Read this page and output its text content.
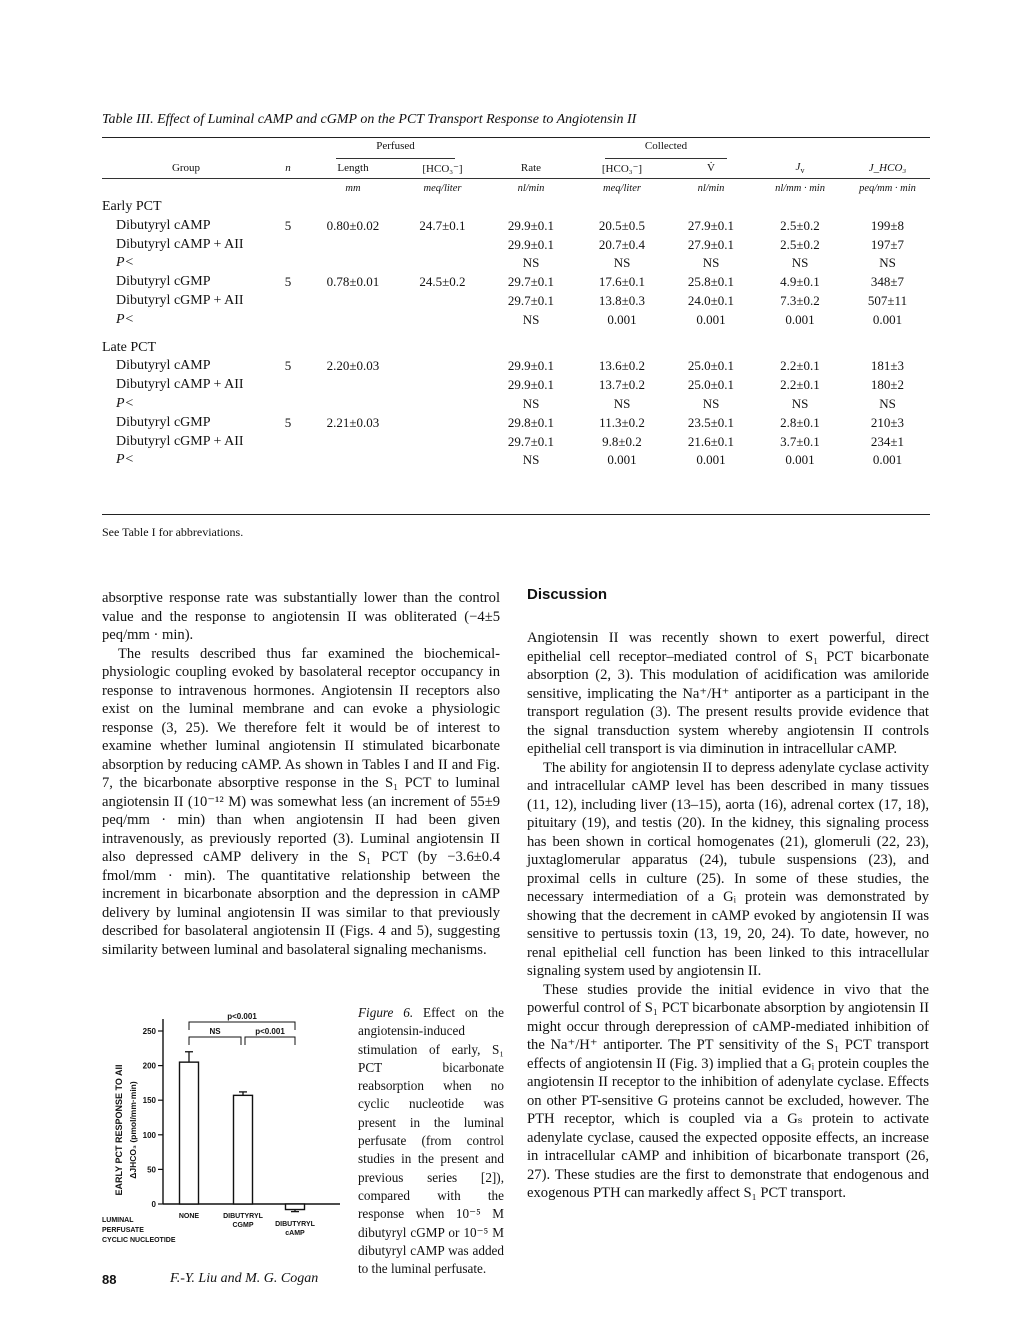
Table III. Effect of Luminal cAMP and cGMP on the PCT Transport Response to Angiotensin II
		Perfused			Collected			
Group	n	Length	[HCO₃⁻]	Rate	[HCO₃⁻]	V̇	$J_v$	J_HCO₃
		mm	meq/liter	nl/min	meq/liter	nl/min	nl/mm · min	peq/mm · min
Early PCT								
Dibutyryl cAMP	5	0.80±0.02	24.7±0.1	29.9±0.1	20.5±0.5	27.9±0.1	2.5±0.2	199±8
Dibutyryl cAMP + AII				29.9±0.1	20.7±0.4	27.9±0.1	2.5±0.2	197±7
P<				NS	NS	NS	NS	NS
Dibutyryl cGMP	5	0.78±0.01	24.5±0.2	29.7±0.1	17.6±0.1	25.8±0.1	4.9±0.1	348±7
Dibutyryl cGMP + AII				29.7±0.1	13.8±0.3	24.0±0.1	7.3±0.2	507±11
P<				NS	0.001	0.001	0.001	0.001

Late PCT								
Dibutyryl cAMP	5	2.20±0.03		29.9±0.1	13.6±0.2	25.0±0.1	2.2±0.1	181±3
Dibutyryl cAMP + AII				29.9±0.1	13.7±0.2	25.0±0.1	2.2±0.1	180±2
P<				NS	NS	NS	NS	NS
Dibutyryl cGMP	5	2.21±0.03		29.8±0.1	11.3±0.2	23.5±0.1	2.8±0.1	210±3
Dibutyryl cGMP + AII				29.7±0.1	9.8±0.2	21.6±0.1	3.7±0.1	234±1
P<				NS	0.001	0.001	0.001	0.001
See Table I for abbreviations.

absorptive response rate was substantially lower than the control value and the response to angiotensin II was obliterated (−4±5 peq/mm · min).

The results described thus far examined the biochemical-physiologic coupling evoked by basolateral receptor occupancy in response to intravenous hormones. Angiotensin II receptors also exist on the luminal membrane and can evoke a physiologic response (3, 25). We therefore felt it would be of interest to examine whether luminal angiotensin II stimulated bicarbonate absorption by reducing cAMP. As shown in Tables I and II and Fig. 7, the bicarbonate absorptive response in the S₁ PCT to luminal angiotensin II (10⁻¹² M) was somewhat less (an increment of 55±9 peq/mm · min) than when angiotensin II had been given intravenously, as previously reported (3). Luminal angiotensin II also depressed cAMP delivery in the S₁ PCT (by −3.6±0.4 fmol/mm · min). The quantitative relationship between the increment in bicarbonate absorption and the depression in cAMP delivery by luminal angiotensin II was similar to that previously described for basolateral angiotensin II (Figs. 4 and 5), suggesting similarity between luminal and basolateral signaling mechanisms.

Discussion

Angiotensin II was recently shown to exert powerful, direct epithelial cell receptor–mediated control of S₁ PCT bicarbonate absorption (2, 3). This modulation of acidification was amiloride sensitive, implicating the Na⁺/H⁺ antiporter as a participant in the transport regulation (3). The present results provide evidence that the signal transduction system whereby angiotensin II controls epithelial cell transport is via diminution in intracellular cAMP.

The ability for angiotensin II to depress adenylate cyclase activity and intracellular cAMP level has been described in many tissues (11, 12), including liver (13–15), aorta (16), adrenal cortex (17, 18), pituitary (19), and testis (20). In the kidney, this signaling process has been shown in cortical homogenates (21), glomeruli (22, 23), juxtaglomerular apparatus (24), tubule suspensions (23), and proximal cells in culture (25). In some of these studies, the necessary intermediation of a Gᵢ protein was demonstrated by showing that the decrement in cAMP evoked by angiotensin II was sensitive to pertussis toxin (13, 19, 20, 24). To date, however, no renal epithelial cell function has been linked to this intracellular signaling system used by angiotensin II.

These studies provide the initial evidence in vivo that the powerful control of S₁ PCT bicarbonate absorption by angiotensin II might occur through derepression of cAMP-mediated inhibition of the Na⁺/H⁺ antiporter. The PT sensitivity of the S₁ PCT transport effects of angiotensin II (Fig. 3) implied that a Gᵢ protein couples the angiotensin II receptor to the inhibition of adenylate cyclase. Effects on other PT-sensitive G proteins cannot be excluded, however. The PTH receptor, which is coupled via a Gₛ protein to activate adenylate cyclase, caused the expected opposite effects, an increase in intracellular cAMP and inhibition of bicarbonate transport (26, 27). These studies are the first to demonstrate that endogenous and exogenous PTH can markedly affect S₁ PCT transport.

0
50
100
150
200
250
EARLY PCT RESPONSE TO AII ΔJHCO₃ (pmol/mm·min)
NONE	DIBUTYRYL
CGMP	DIBUTYRYL
cAMP
LUMINAL
PERFUSATE
CYCLIC NUCLEOTIDE
p<0.001
NS	p<0.001
Figure 6. Effect on the angiotensin-induced stimulation of early, S₁ PCT bicarbonate reabsorption when no cyclic nucleotide was present in the luminal perfusate (from control studies in the present and previous series [2]), compared with the response when 10⁻⁵ M dibutyryl cGMP or 10⁻⁵ M dibutyryl cAMP was added to the luminal perfusate.
88	F.-Y. Liu and M. G. Cogan
